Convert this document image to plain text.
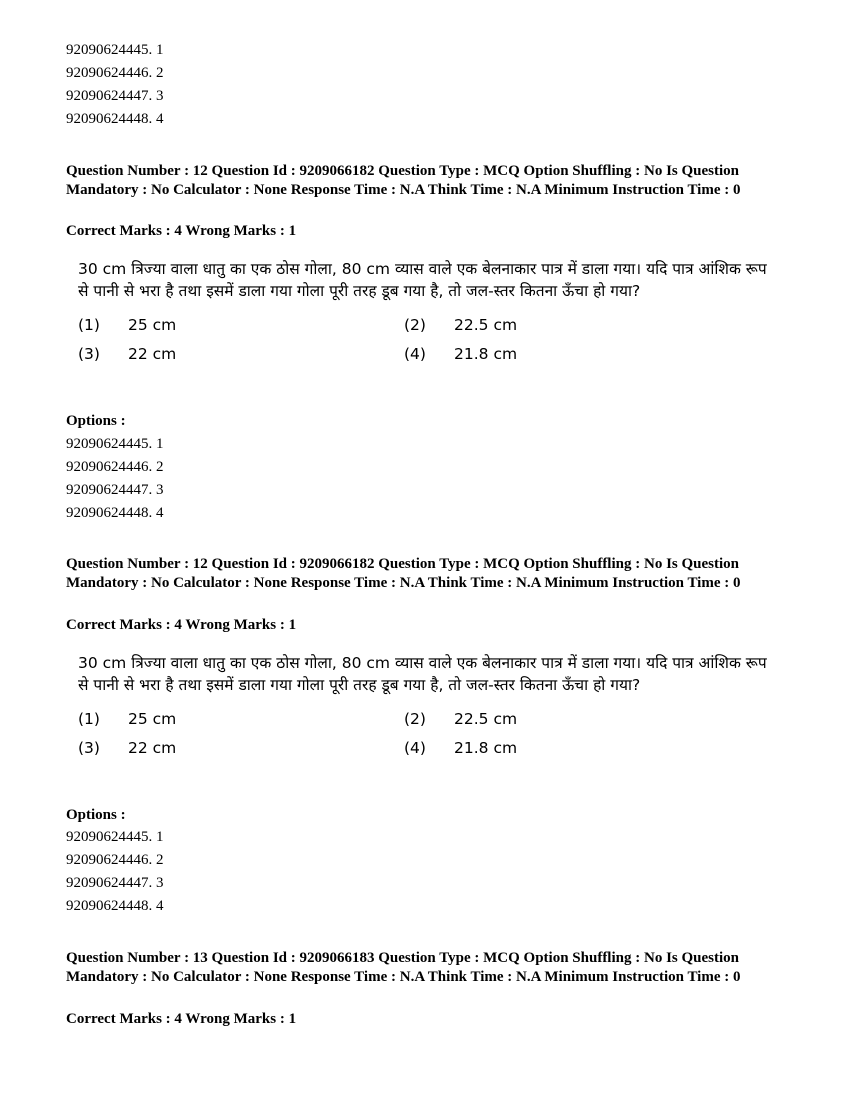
92090624445. 1
92090624446. 2
92090624447. 3
92090624448. 4
Question Number : 12 Question Id : 9209066182 Question Type : MCQ Option Shuffling : No Is Question Mandatory : No Calculator : None Response Time : N.A Think Time : N.A Minimum Instruction Time : 0
Correct Marks : 4 Wrong Marks : 1
30 cm त्रिज्या वाला धातु का एक ठोस गोला, 80 cm व्यास वाले एक बेलनाकार पात्र में डाला गया। यदि पात्र आंशिक रूप से पानी से भरा है तथा इसमें डाला गया गोला पूरी तरह डूब गया है, तो जल-स्तर कितना ऊँचा हो गया?
(1) 25 cm	(2) 22.5 cm
(3) 22 cm	(4) 21.8 cm
Options :
92090624445. 1
92090624446. 2
92090624447. 3
92090624448. 4
Question Number : 12 Question Id : 9209066182 Question Type : MCQ Option Shuffling : No Is Question Mandatory : No Calculator : None Response Time : N.A Think Time : N.A Minimum Instruction Time : 0
Correct Marks : 4 Wrong Marks : 1
30 cm त्रिज्या वाला धातु का एक ठोस गोला, 80 cm व्यास वाले एक बेलनाकार पात्र में डाला गया। यदि पात्र आंशिक रूप से पानी से भरा है तथा इसमें डाला गया गोला पूरी तरह डूब गया है, तो जल-स्तर कितना ऊँचा हो गया?
(1) 25 cm	(2) 22.5 cm
(3) 22 cm	(4) 21.8 cm
Options :
92090624445. 1
92090624446. 2
92090624447. 3
92090624448. 4
Question Number : 13 Question Id : 9209066183 Question Type : MCQ Option Shuffling : No Is Question Mandatory : No Calculator : None Response Time : N.A Think Time : N.A Minimum Instruction Time : 0
Correct Marks : 4 Wrong Marks : 1
